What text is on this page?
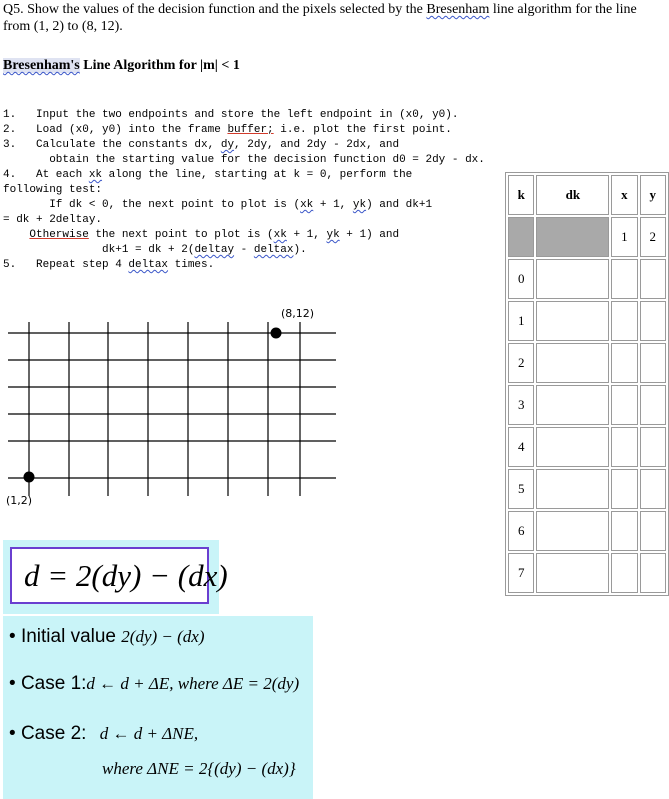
Q5. Show the values of the decision function and the pixels selected by the Bresenham line algorithm for the line from (1, 2) to (8, 12).
Bresenham's Line Algorithm for |m| < 1

1.   Input the two endpoints and store the left endpoint in (x0, y0).
2.   Load (x0, y0) into the frame buffer; i.e. plot the first point.
3.   Calculate the constants dx, dy, 2dy, and 2dy - 2dx, and
obtain the starting value for the decision function d0 = 2dy - dx.
4.   At each xk along the line, starting at k = 0, perform the
following test:
If dk < 0, the next point to plot is (xk + 1, yk) and dk+1
= dk + 2deltay.
Otherwise the next point to plot is (xk + 1, yk + 1) and
dk+1 = dk + 2(deltay - deltax).
5.   Repeat step 4 deltax times.

(8,12)
(1,2)
d = 2(dy) − (dx)
• Initial value 2(dy) − (dx)
• Case 1:d ← d + ΔE, where ΔE = 2(dy)
• Case 2: d ← d + ΔNE,
where ΔNE = 2{(dy) − (dx)}
k	dk	x	y
		1	2
0			
1			
2			
3			
4			
5			
6			
7			
